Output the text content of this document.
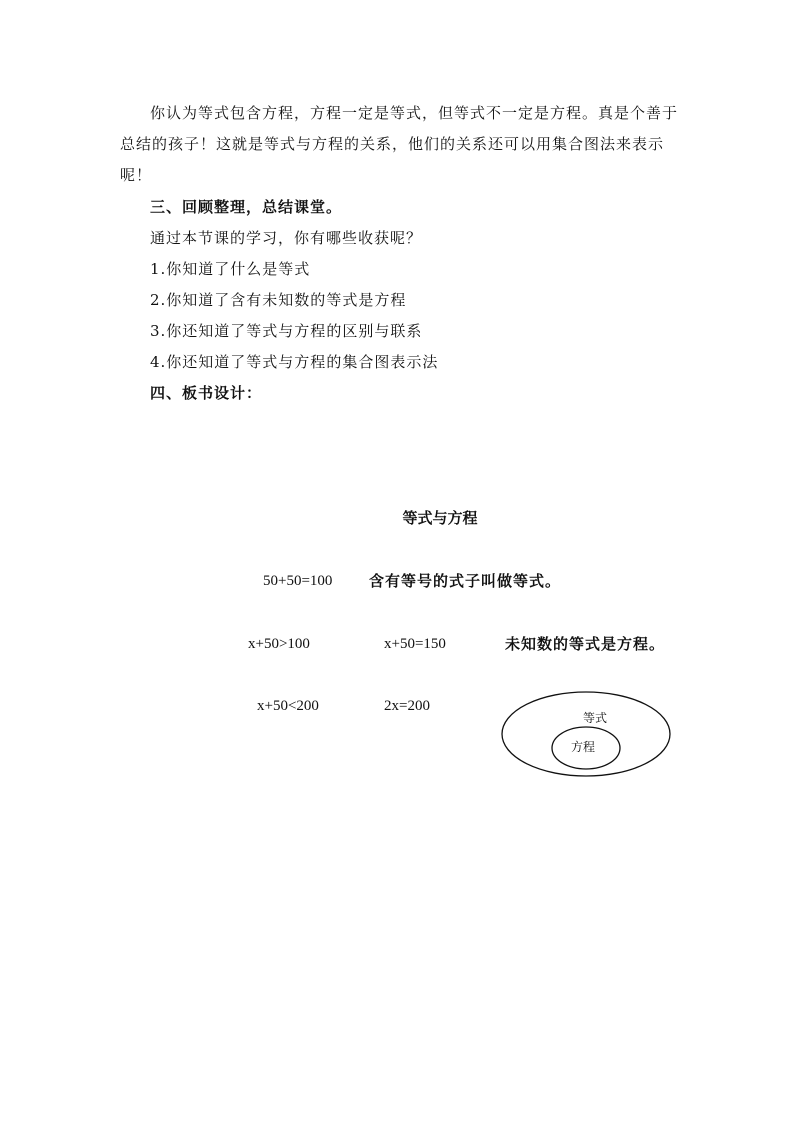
你认为等式包含方程，方程一定是等式，但等式不一定是方程。真是个善于
总结的孩子！这就是等式与方程的关系，他们的关系还可以用集合图法来表示
呢！
三、回顾整理，总结课堂。
通过本节课的学习，你有哪些收获呢？
1.你知道了什么是等式
2.你知道了含有未知数的等式是方程
3.你还知道了等式与方程的区别与联系
4.你还知道了等式与方程的集合图表示法
四、板书设计：
等式与方程
50+50=100 含有等号的式子叫做等式。
x+50>100	x+50=150	未知数的等式是方程。
x+50<200	2x=200
等式
方程
